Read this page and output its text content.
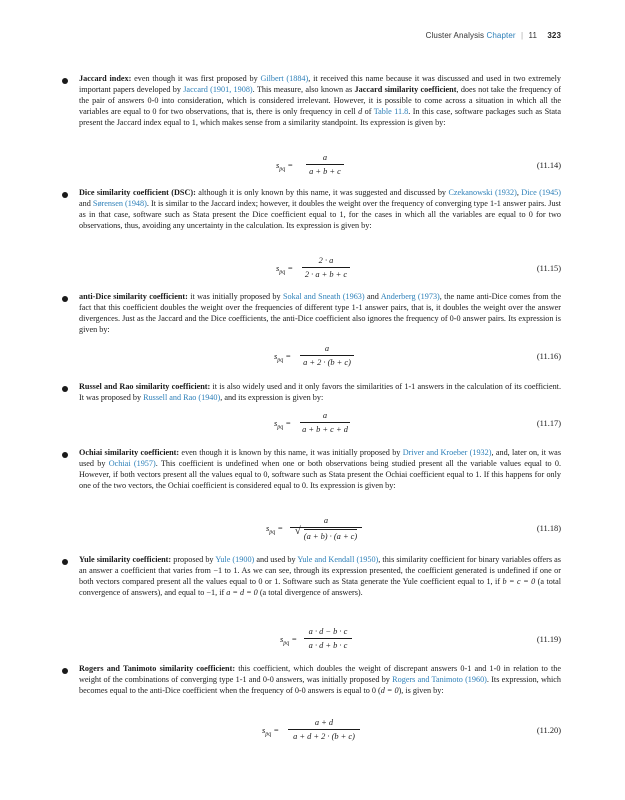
Cluster Analysis Chapter | 11 323
Jaccard index: even though it was first proposed by Gilbert (1884), it received this name because it was discussed and used in two extremely important papers developed by Jaccard (1901, 1908). This measure, also known as Jaccard similarity coefficient, does not take the frequency of the pair of answers 0-0 into consideration, which is considered irrelevant. However, it is possible to come across a situation in which all the variables are equal to 0 for two observations, that is, there is only frequency in cell d of Table 11.8. In this case, software packages such as Stata present the Jaccard index equal to 1, which makes sense from a similarity standpoint. Its expression is given by:
$s_{pq}$ =
a
a + b + c
(11.14)
Dice similarity coefficient (DSC): although it is only known by this name, it was suggested and discussed by Czekanowski (1932), Dice (1945) and Sørensen (1948). It is similar to the Jaccard index; however, it doubles the weight over the frequency of converging type 1-1 answer pairs. Just as in that case, software such as Stata present the Dice coefficient equal to 1, for the cases in which all the variables are equal to 0 for two observations, thus, avoiding any uncertainty in the calculation. Its expression is given by:
$s_{pq}$ =
2 · a
2 · a + b + c
(11.15)
anti-Dice similarity coefficient: it was initially proposed by Sokal and Sneath (1963) and Anderberg (1973), the name anti-Dice comes from the fact that this coefficient doubles the weight over the frequencies of different type 1-1 answer pairs, that is, it doubles the weight over the answer divergences. Just as the Jaccard and the Dice coefficients, the anti-Dice coefficient also ignores the frequency of 0-0 answer pairs. Its expression is given by:
$s_{pq}$ =
a
a + 2 · (b + c)
(11.16)
Russel and Rao similarity coefficient: it is also widely used and it only favors the similarities of 1-1 answers in the calculation of its coefficient. It was proposed by Russell and Rao (1940), and its expression is given by:
$s_{pq}$ =
a
a + b + c + d
(11.17)
Ochiai similarity coefficient: even though it is known by this name, it was initially proposed by Driver and Kroeber (1932), and, later on, it was used by Ochiai (1957). This coefficient is undefined when one or both observations being studied present all the variable values equal to 0. However, if both vectors present all the values equal to 0, software such as Stata present the Ochiai coefficient equal to 1. If this happens for only one of the two vectors, the Ochiai coefficient is considered equal to 0. Its expression is given by:
$s_{pq}$ =
a
√ (a + b) · (a + c)
(11.18)
Yule similarity coefficient: proposed by Yule (1900) and used by Yule and Kendall (1950), this similarity coefficient for binary variables offers as an answer a coefficient that varies from −1 to 1. As we can see, through its expression presented, the coefficient generated is undefined if one or both vectors compared present all the values equal to 0 or 1. Software such as Stata generate the Yule coefficient equal to 1, if b = c = 0 (a total convergence of answers), and equal to −1, if a = d = 0 (a total divergence of answers).
$s_{pq}$ =
a · d − b · c
a · d + b · c
(11.19)
Rogers and Tanimoto similarity coefficient: this coefficient, which doubles the weight of discrepant answers 0-1 and 1-0 in relation to the weight of the combinations of converging type 1-1 and 0-0 answers, was initially proposed by Rogers and Tanimoto (1960). Its expression, which becomes equal to the anti-Dice coefficient when the frequency of 0-0 answers is equal to 0 (d = 0), is given by:
$s_{pq}$ =
a + d
a + d + 2 · (b + c)
(11.20)
